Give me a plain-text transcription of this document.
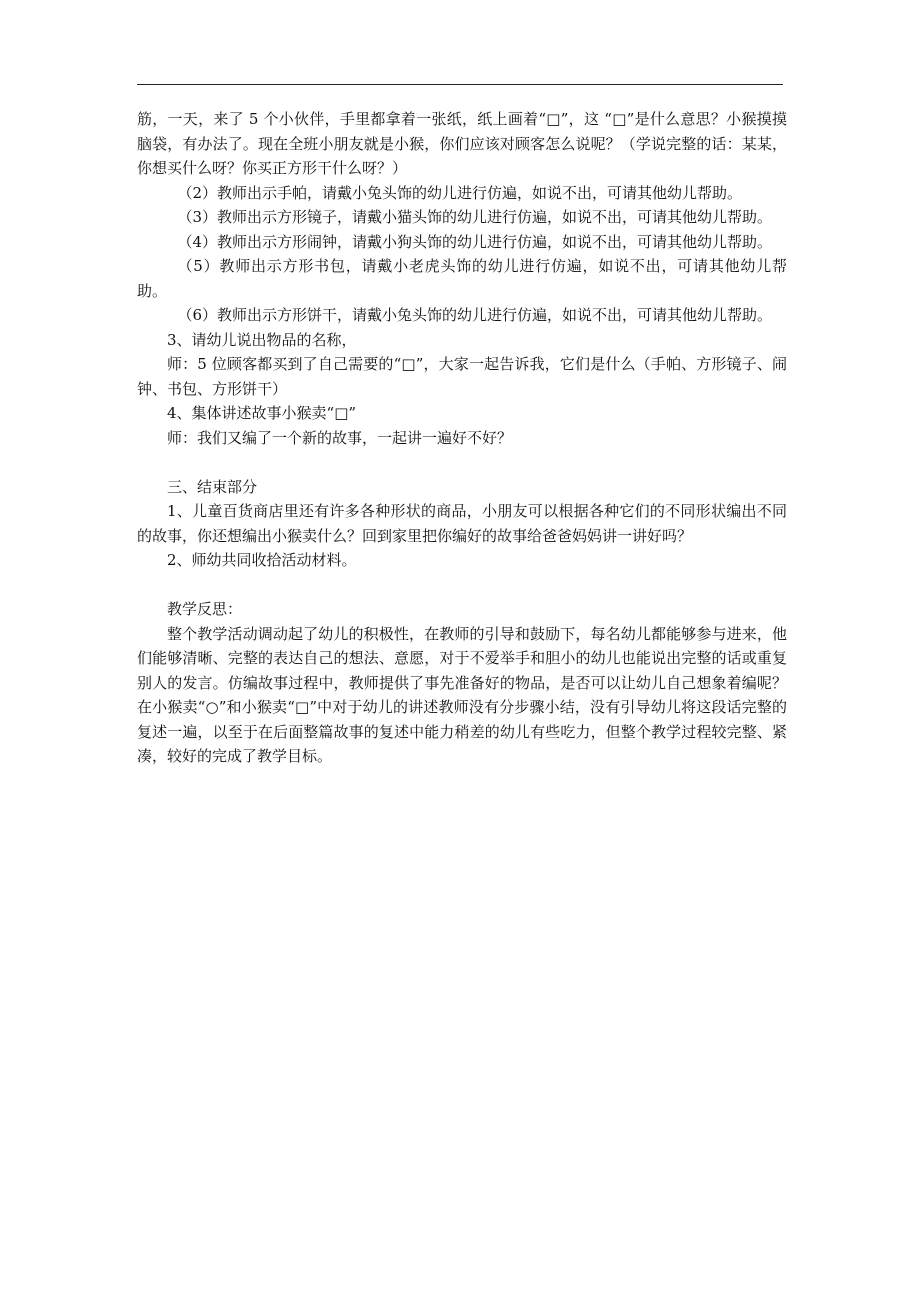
筋，一天，来了 5 个小伙伴，手里都拿着一张纸，纸上画着“□”，这 “□”是什么意思？小猴摸摸脑袋，有办法了。现在全班小朋友就是小猴，你们应该对顾客怎么说呢？（学说完整的话：某某，你想买什么呀？你买正方形干什么呀？）

（2）教师出示手帕，请戴小兔头饰的幼儿进行仿遍，如说不出，可请其他幼儿帮助。

（3）教师出示方形镜子，请戴小猫头饰的幼儿进行仿遍，如说不出，可请其他幼儿帮助。

（4）教师出示方形闹钟，请戴小狗头饰的幼儿进行仿遍，如说不出，可请其他幼儿帮助。

（5）教师出示方形书包，请戴小老虎头饰的幼儿进行仿遍，如说不出，可请其他幼儿帮助。

（6）教师出示方形饼干，请戴小兔头饰的幼儿进行仿遍，如说不出，可请其他幼儿帮助。

3、请幼儿说出物品的名称，

师：5 位顾客都买到了自己需要的“□”，大家一起告诉我，它们是什么（手帕、方形镜子、闹钟、书包、方形饼干）

4、集体讲述故事小猴卖“□”

师：我们又编了一个新的故事，一起讲一遍好不好？

三、结束部分

1、儿童百货商店里还有许多各种形状的商品，小朋友可以根据各种它们的不同形状编出不同的故事，你还想编出小猴卖什么？回到家里把你编好的故事给爸爸妈妈讲一讲好吗？

2、师幼共同收拾活动材料。

教学反思：

整个教学活动调动起了幼儿的积极性，在教师的引导和鼓励下，每名幼儿都能够参与进来，他们能够清晰、完整的表达自己的想法、意愿，对于不爱举手和胆小的幼儿也能说出完整的话或重复别人的发言。仿编故事过程中，教师提供了事先准备好的物品，是否可以让幼儿自己想象着编呢？在小猴卖“○”和小猴卖“□”中对于幼儿的讲述教师没有分步骤小结，没有引导幼儿将这段话完整的复述一遍，以至于在后面整篇故事的复述中能力稍差的幼儿有些吃力，但整个教学过程较完整、紧凑，较好的完成了教学目标。
